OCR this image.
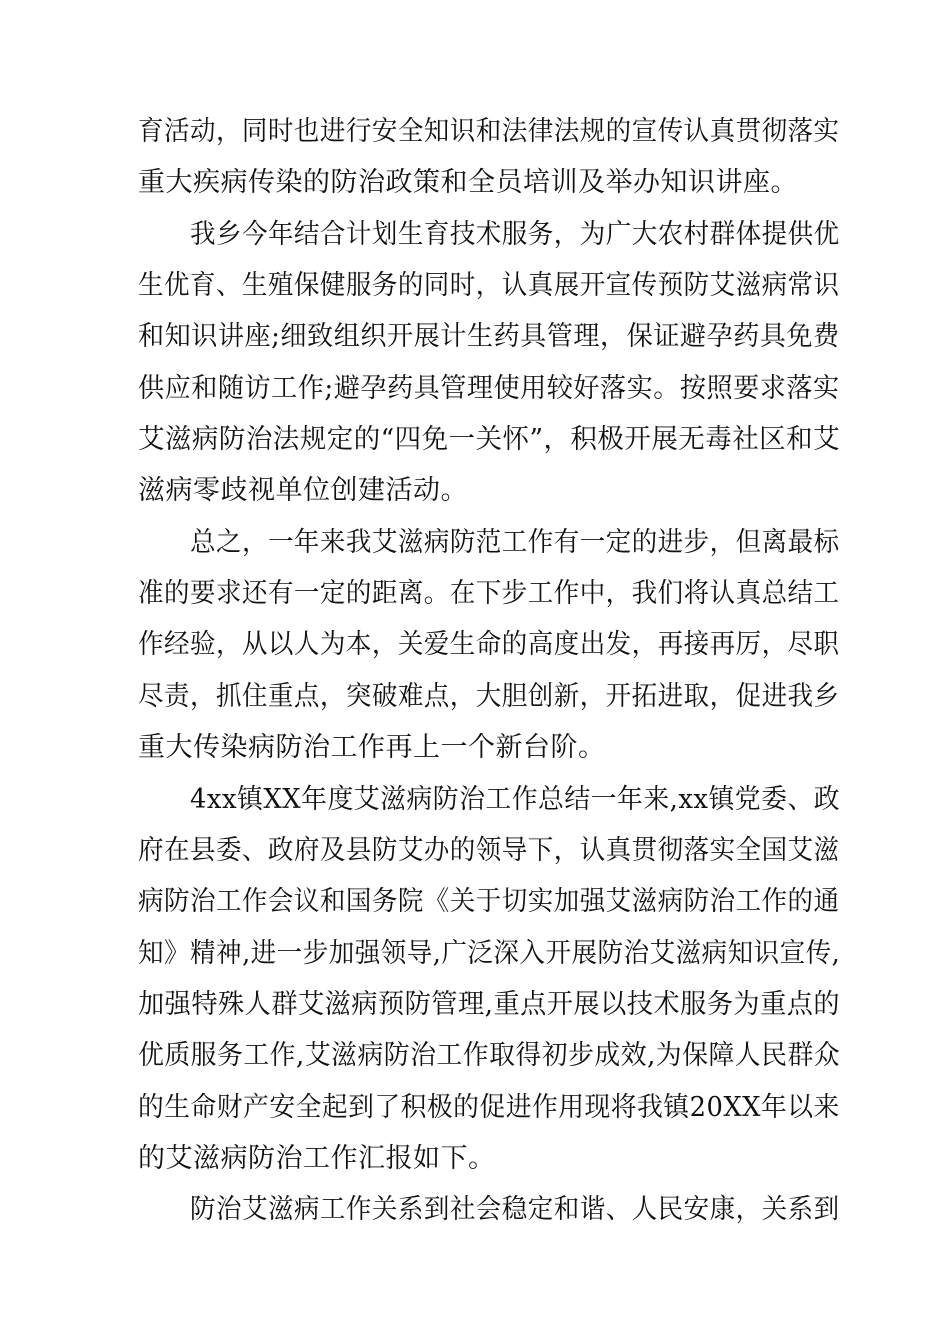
育活动，同时也进行安全知识和法律法规的宣传认真贯彻落实
重大疾病传染的防治政策和全员培训及举办知识讲座。
我乡今年结合计划生育技术服务，为广大农村群体提供优
生优育、生殖保健服务的同时，认真展开宣传预防艾滋病常识
和知识讲座;细致组织开展计生药具管理，保证避孕药具免费
供应和随访工作;避孕药具管理使用较好落实。按照要求落实
艾滋病防治法规定的“四免一关怀”，积极开展无毒社区和艾
滋病零歧视单位创建活动。
总之，一年来我艾滋病防范工作有一定的进步，但离最标
准的要求还有一定的距离。在下步工作中，我们将认真总结工
作经验，从以人为本，关爱生命的高度出发，再接再厉，尽职
尽责，抓住重点，突破难点，大胆创新，开拓进取，促进我乡
重大传染病防治工作再上一个新台阶。
4xx镇XX年度艾滋病防治工作总结一年来,xx镇党委、政
府在县委、政府及县防艾办的领导下，认真贯彻落实全国艾滋
病防治工作会议和国务院《关于切实加强艾滋病防治工作的通
知》精神,进一步加强领导,广泛深入开展防治艾滋病知识宣传,
加强特殊人群艾滋病预防管理,重点开展以技术服务为重点的
优质服务工作,艾滋病防治工作取得初步成效,为保障人民群众
的生命财产安全起到了积极的促进作用现将我镇20XX年以来
的艾滋病防治工作汇报如下。
防治艾滋病工作关系到社会稳定和谐、人民安康，关系到
